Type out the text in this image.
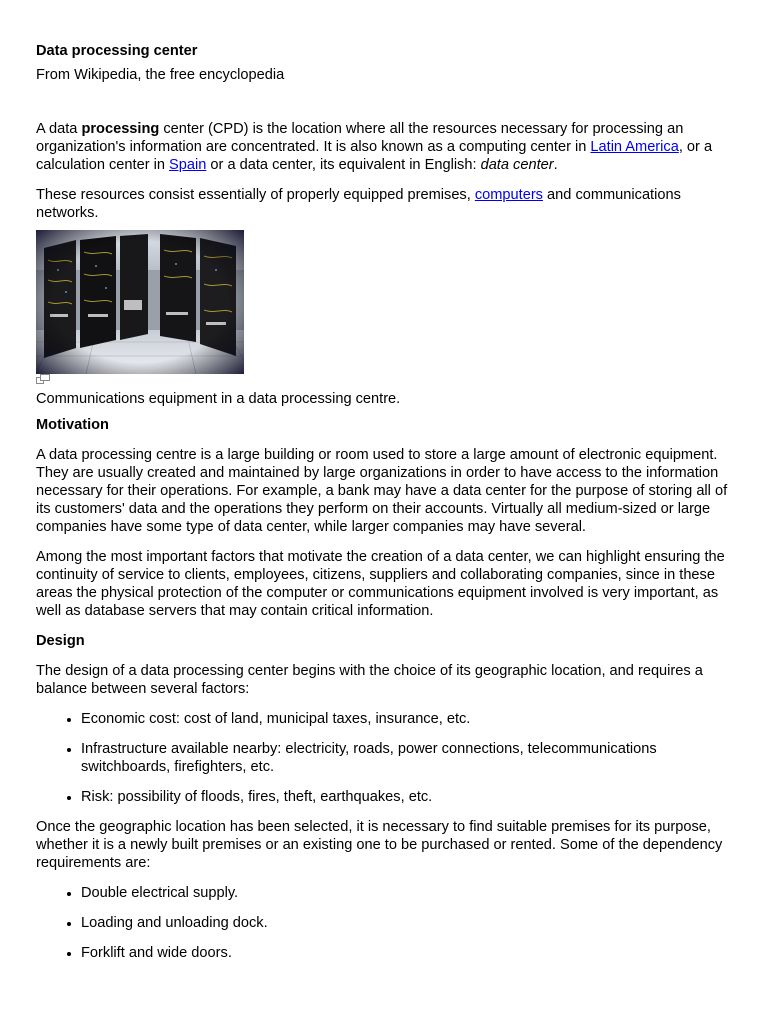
Data processing center

From Wikipedia, the free encyclopedia

A data processing center (CPD) is the location where all the resources necessary for processing an organization's information are concentrated. It is also known as a computing center in Latin America, or a calculation center in Spain or a data center, its equivalent in English: data center.

These resources consist essentially of properly equipped premises, computers and communications
networks.

Communications equipment in a data processing centre.

Motivation

A data processing centre is a large building or room used to store a large amount of electronic equipment. They are usually created and maintained by large organizations in order to have access to the information necessary for their operations. For example, a bank may have a data center for the purpose of storing all of its customers' data and the operations they perform on their accounts. Virtually all medium-sized or large companies have some type of data center, while larger companies may have several.

Among the most important factors that motivate the creation of a data center, we can highlight ensuring the continuity of service to clients, employees, citizens, suppliers and collaborating companies, since in these areas the physical protection of the computer or communications equipment involved is very important, as well as database servers that may contain critical information.

Design

The design of a data processing center begins with the choice of its geographic location, and requires a balance between several factors:

• Economic cost: cost of land, municipal taxes, insurance, etc.
• Infrastructure available nearby: electricity, roads, power connections, telecommunications switchboards, firefighters, etc.
• Risk: possibility of floods, fires, theft, earthquakes, etc.

Once the geographic location has been selected, it is necessary to find suitable premises for its purpose, whether it is a newly built premises or an existing one to be purchased or rented. Some of the dependency requirements are:

• Double electrical supply.
• Loading and unloading dock.
• Forklift and wide doors.
